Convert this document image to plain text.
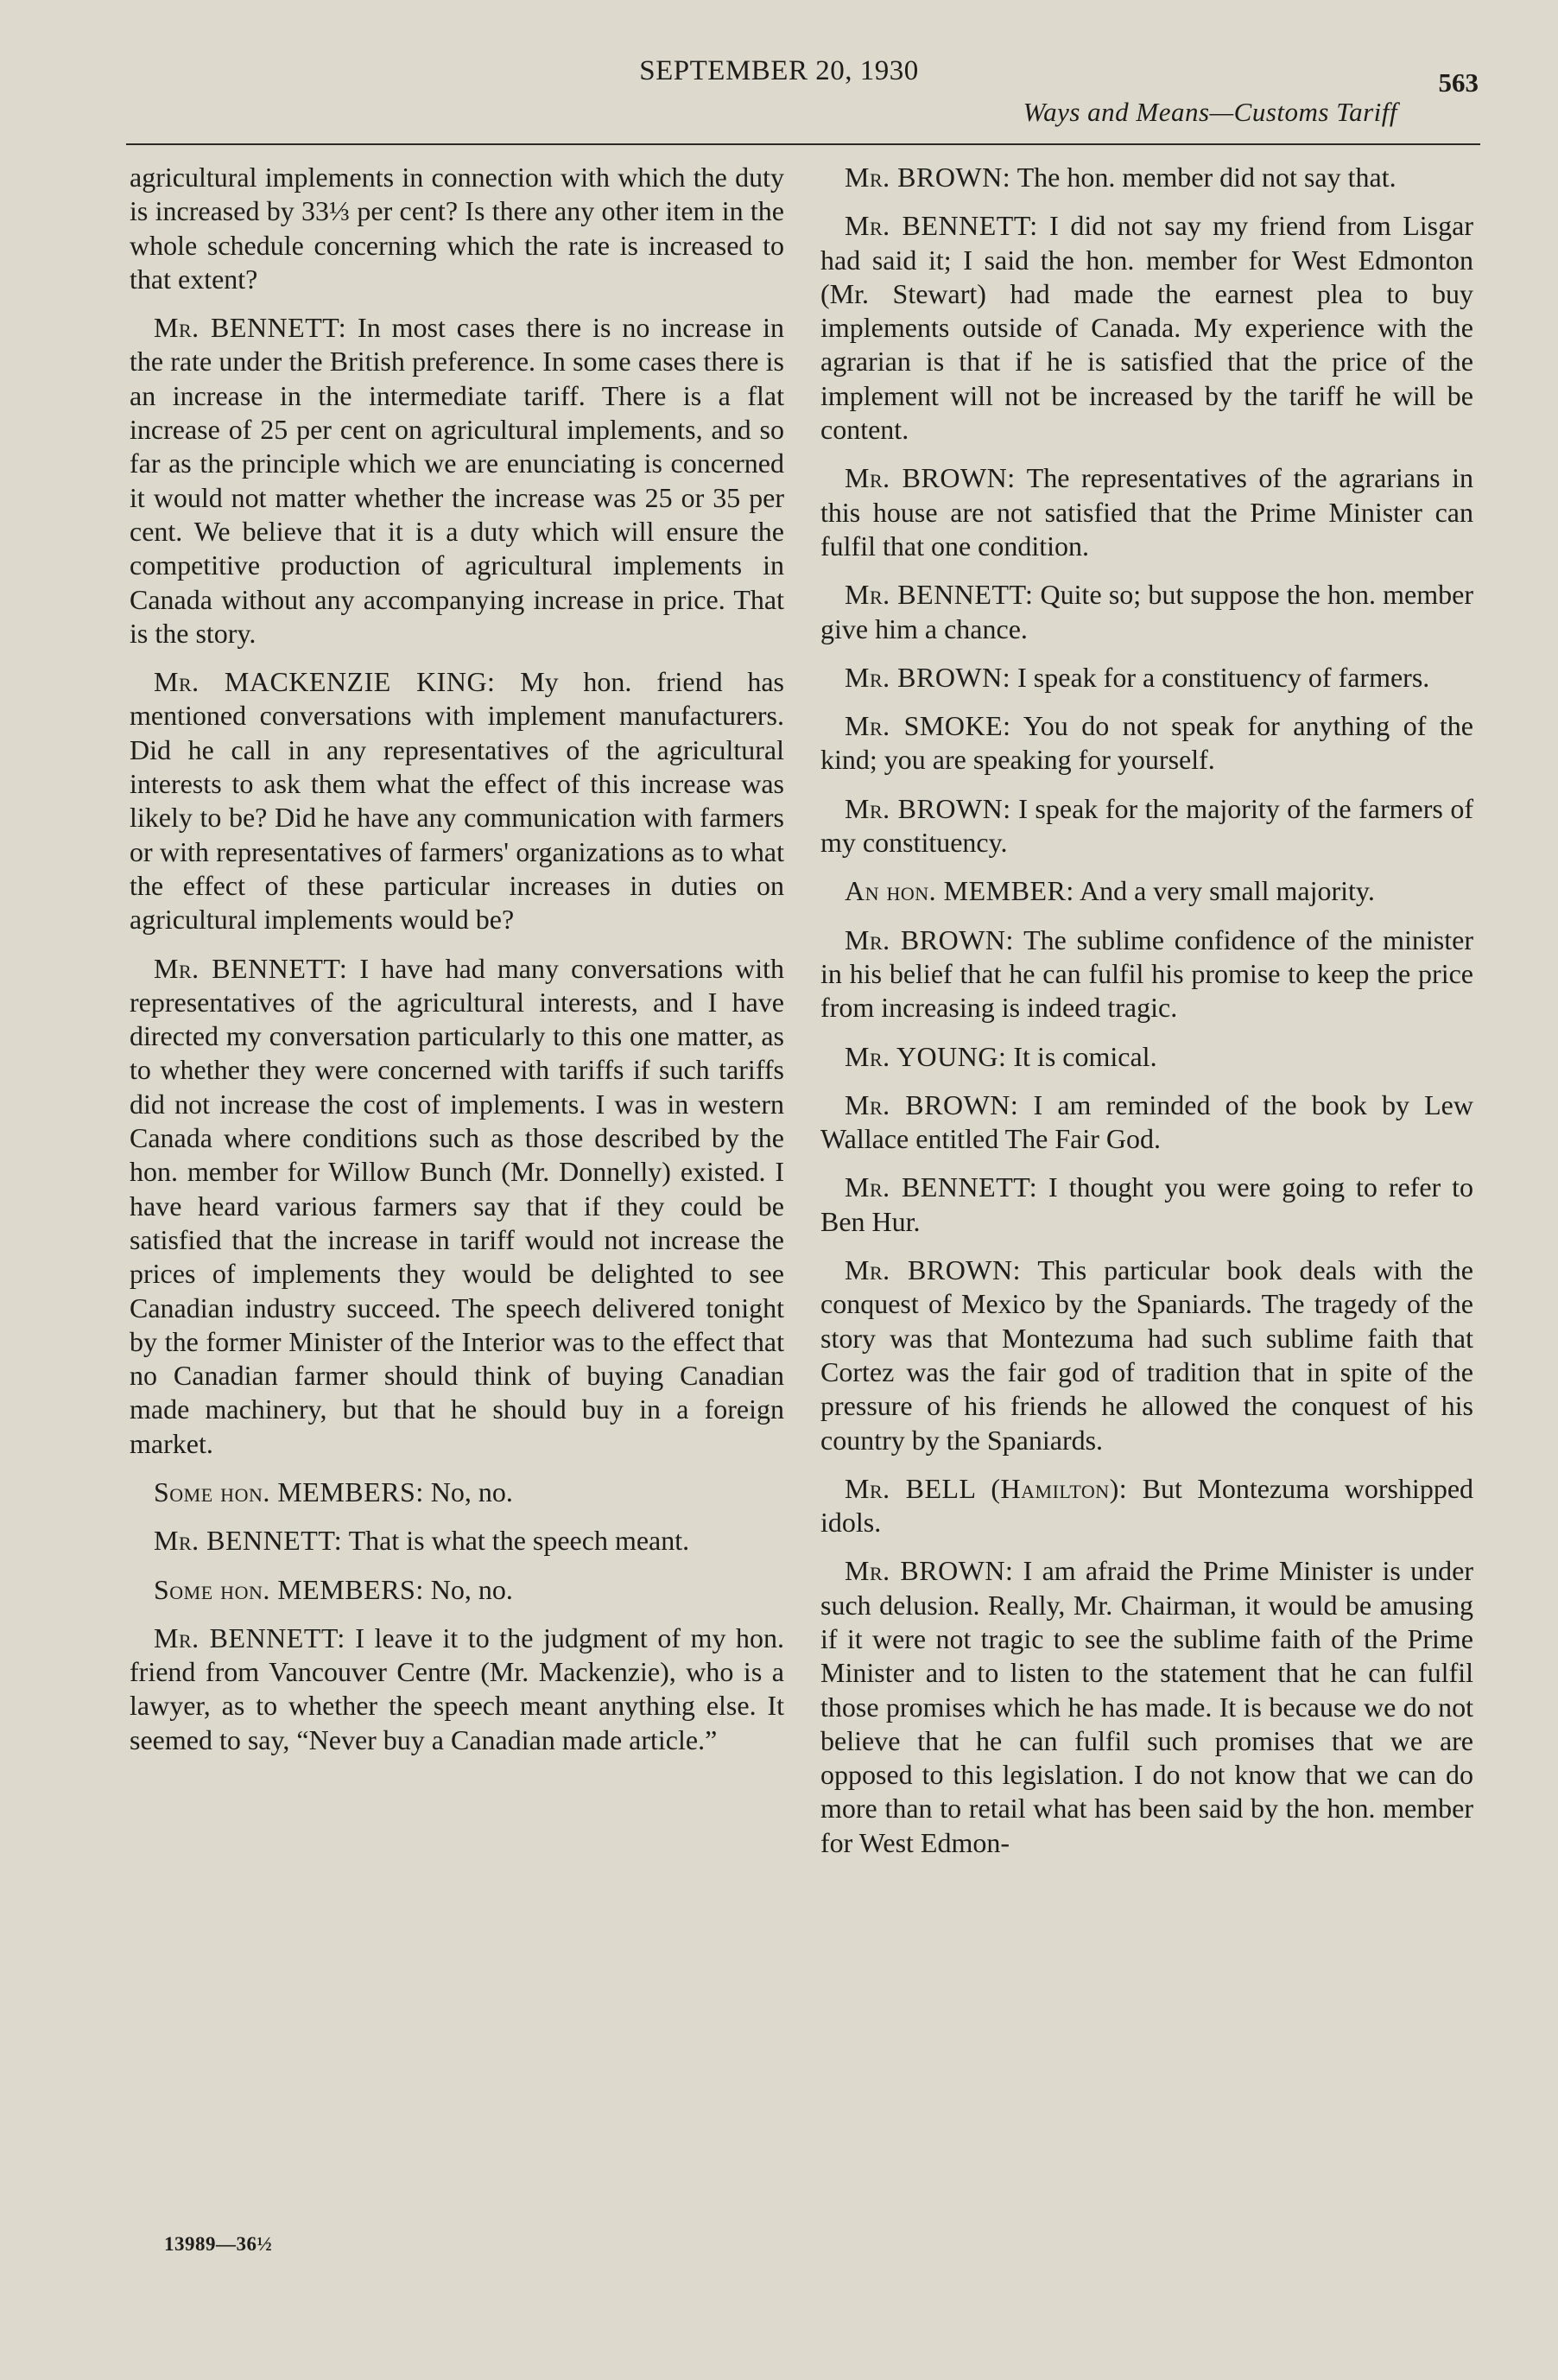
SEPTEMBER 20, 1930	563
Ways and Means—Customs Tariff

agricultural implements in connection with which the duty is increased by 33⅓ per cent? Is there any other item in the whole schedule concerning which the rate is increased to that extent?

Mr. BENNETT: In most cases there is no increase in the rate under the British preference. In some cases there is an increase in the intermediate tariff. There is a flat increase of 25 per cent on agricultural implements, and so far as the principle which we are enunciating is concerned it would not matter whether the increase was 25 or 35 per cent. We believe that it is a duty which will ensure the competitive production of agricultural implements in Canada without any accompanying increase in price. That is the story.

Mr. MACKENZIE KING: My hon. friend has mentioned conversations with implement manufacturers. Did he call in any representatives of the agricultural interests to ask them what the effect of this increase was likely to be? Did he have any communication with farmers or with representatives of farmers' organizations as to what the effect of these particular increases in duties on agricultural implements would be?

Mr. BENNETT: I have had many conversations with representatives of the agricultural interests, and I have directed my conversation particularly to this one matter, as to whether they were concerned with tariffs if such tariffs did not increase the cost of implements. I was in western Canada where conditions such as those described by the hon. member for Willow Bunch (Mr. Donnelly) existed. I have heard various farmers say that if they could be satisfied that the increase in tariff would not increase the prices of implements they would be delighted to see Canadian industry succeed. The speech delivered tonight by the former Minister of the Interior was to the effect that no Canadian farmer should think of buying Canadian made machinery, but that he should buy in a foreign market.

Some hon. MEMBERS: No, no.

Mr. BENNETT: That is what the speech meant.

Some hon. MEMBERS: No, no.

Mr. BENNETT: I leave it to the judgment of my hon. friend from Vancouver Centre (Mr. Mackenzie), who is a lawyer, as to whether the speech meant anything else. It seemed to say, “Never buy a Canadian made article.”

Mr. BROWN: The hon. member did not say that.

Mr. BENNETT: I did not say my friend from Lisgar had said it; I said the hon. member for West Edmonton (Mr. Stewart) had made the earnest plea to buy implements outside of Canada. My experience with the agrarian is that if he is satisfied that the price of the implement will not be increased by the tariff he will be content.

Mr. BROWN: The representatives of the agrarians in this house are not satisfied that the Prime Minister can fulfil that one condition.

Mr. BENNETT: Quite so; but suppose the hon. member give him a chance.

Mr. BROWN: I speak for a constituency of farmers.

Mr. SMOKE: You do not speak for anything of the kind; you are speaking for yourself.

Mr. BROWN: I speak for the majority of the farmers of my constituency.

An hon. MEMBER: And a very small majority.

Mr. BROWN: The sublime confidence of the minister in his belief that he can fulfil his promise to keep the price from increasing is indeed tragic.

Mr. YOUNG: It is comical.

Mr. BROWN: I am reminded of the book by Lew Wallace entitled The Fair God.

Mr. BENNETT: I thought you were going to refer to Ben Hur.

Mr. BROWN: This particular book deals with the conquest of Mexico by the Spaniards. The tragedy of the story was that Montezuma had such sublime faith that Cortez was the fair god of tradition that in spite of the pressure of his friends he allowed the conquest of his country by the Spaniards.

Mr. BELL (Hamilton): But Montezuma worshipped idols.

Mr. BROWN: I am afraid the Prime Minister is under such delusion. Really, Mr. Chairman, it would be amusing if it were not tragic to see the sublime faith of the Prime Minister and to listen to the statement that he can fulfil those promises which he has made. It is because we do not believe that he can fulfil such promises that we are opposed to this legislation. I do not know that we can do more than to retail what has been said by the hon. member for West Edmon-

13989—36½
